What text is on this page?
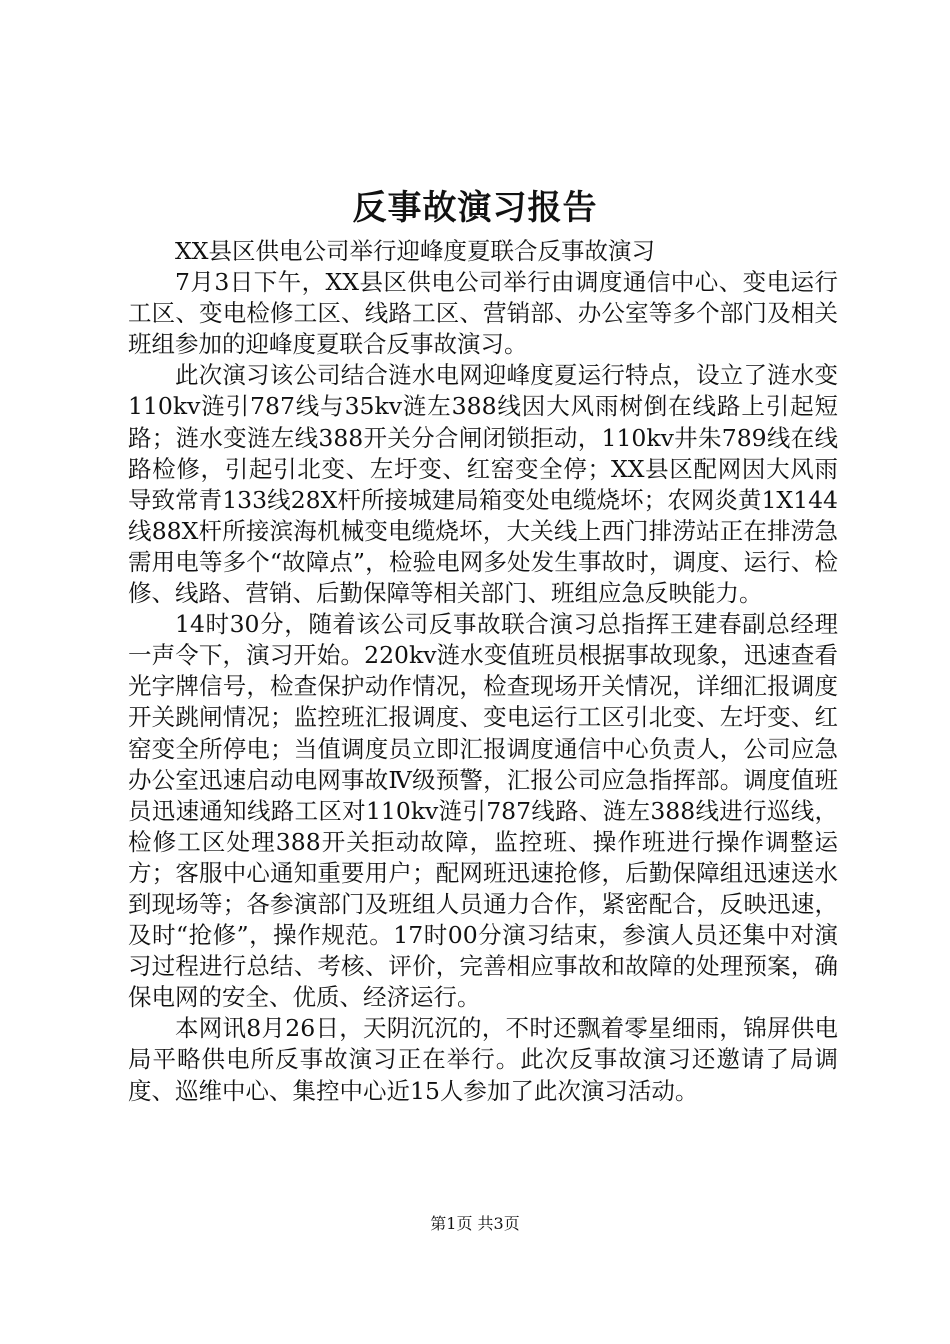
反事故演习报告

XX县区供电公司举行迎峰度夏联合反事故演习

7月3日下午，XX县区供电公司举行由调度通信中心、变电运行工区、变电检修工区、线路工区、营销部、办公室等多个部门及相关班组参加的迎峰度夏联合反事故演习。

此次演习该公司结合涟水电网迎峰度夏运行特点，设立了涟水变110kv涟引787线与35kv涟左388线因大风雨树倒在线路上引起短路；涟水变涟左线388开关分合闸闭锁拒动，110kv井朱789线在线路检修，引起引北变、左圩变、红窑变全停；XX县区配网因大风雨导致常青133线28X杆所接城建局箱变处电缆烧坏；农网炎黄1X144线88X杆所接滨海机械变电缆烧坏，大关线上西门排涝站正在排涝急需用电等多个“故障点”，检验电网多处发生事故时，调度、运行、检修、线路、营销、后勤保障等相关部门、班组应急反映能力。

14时30分，随着该公司反事故联合演习总指挥王建春副总经理一声令下，演习开始。220kv涟水变值班员根据事故现象，迅速查看光字牌信号，检查保护动作情况，检查现场开关情况，详细汇报调度开关跳闸情况；监控班汇报调度、变电运行工区引北变、左圩变、红窑变全所停电；当值调度员立即汇报调度通信中心负责人，公司应急办公室迅速启动电网事故Ⅳ级预警，汇报公司应急指挥部。调度值班员迅速通知线路工区对110kv涟引787线路、涟左388线进行巡线，检修工区处理388开关拒动故障，监控班、操作班进行操作调整运方；客服中心通知重要用户；配网班迅速抢修，后勤保障组迅速送水到现场等；各参演部门及班组人员通力合作，紧密配合，反映迅速，及时“抢修”，操作规范。17时00分演习结束，参演人员还集中对演习过程进行总结、考核、评价，完善相应事故和故障的处理预案，确保电网的安全、优质、经济运行。

本网讯8月26日，天阴沉沉的，不时还飘着零星细雨，锦屏供电局平略供电所反事故演习正在举行。此次反事故演习还邀请了局调度、巡维中心、集控中心近15人参加了此次演习活动。

第1页 共3页
